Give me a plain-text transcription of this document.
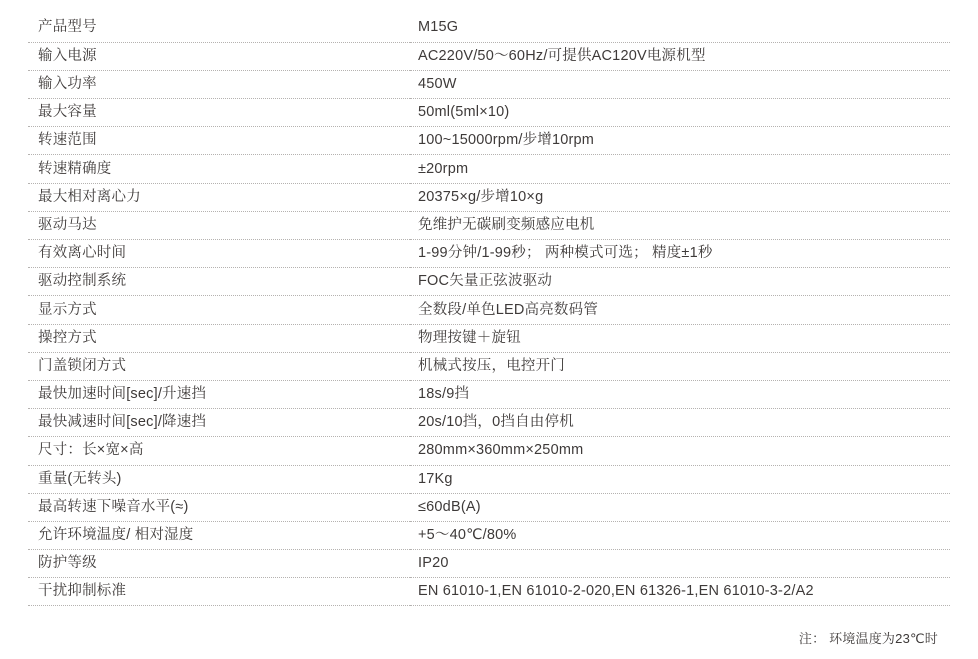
产品型号	M15G
输入电源	AC220V/50～60Hz/可提供AC120V电源机型
输入功率	450W
最大容量	50ml(5ml×10)
转速范围	100~15000rpm/步增10rpm
转速精确度	±20rpm
最大相对离心力	20375×g/步增10×g
驱动马达	免维护无碳刷变频感应电机
有效离心时间	1-99分钟/1-99秒； 两种模式可选； 精度±1秒
驱动控制系统	FOC矢量正弦波驱动
显示方式	全数段/单色LED高亮数码管
操控方式	物理按键＋旋钮
门盖锁闭方式	机械式按压，电控开门
最快加速时间[sec]/升速挡	18s/9挡
最快减速时间[sec]/降速挡	20s/10挡，0挡自由停机
尺寸：长×宽×高	280mm×360mm×250mm
重量(无转头)	17Kg
最高转速下噪音水平(≈)	≤60dB(A)
允许环境温度/ 相对湿度	+5～40℃/80%
防护等级	IP20
干扰抑制标准	EN 61010-1,EN 61010-2-020,EN 61326-1,EN 61010-3-2/A2
注： 环境温度为23℃时
